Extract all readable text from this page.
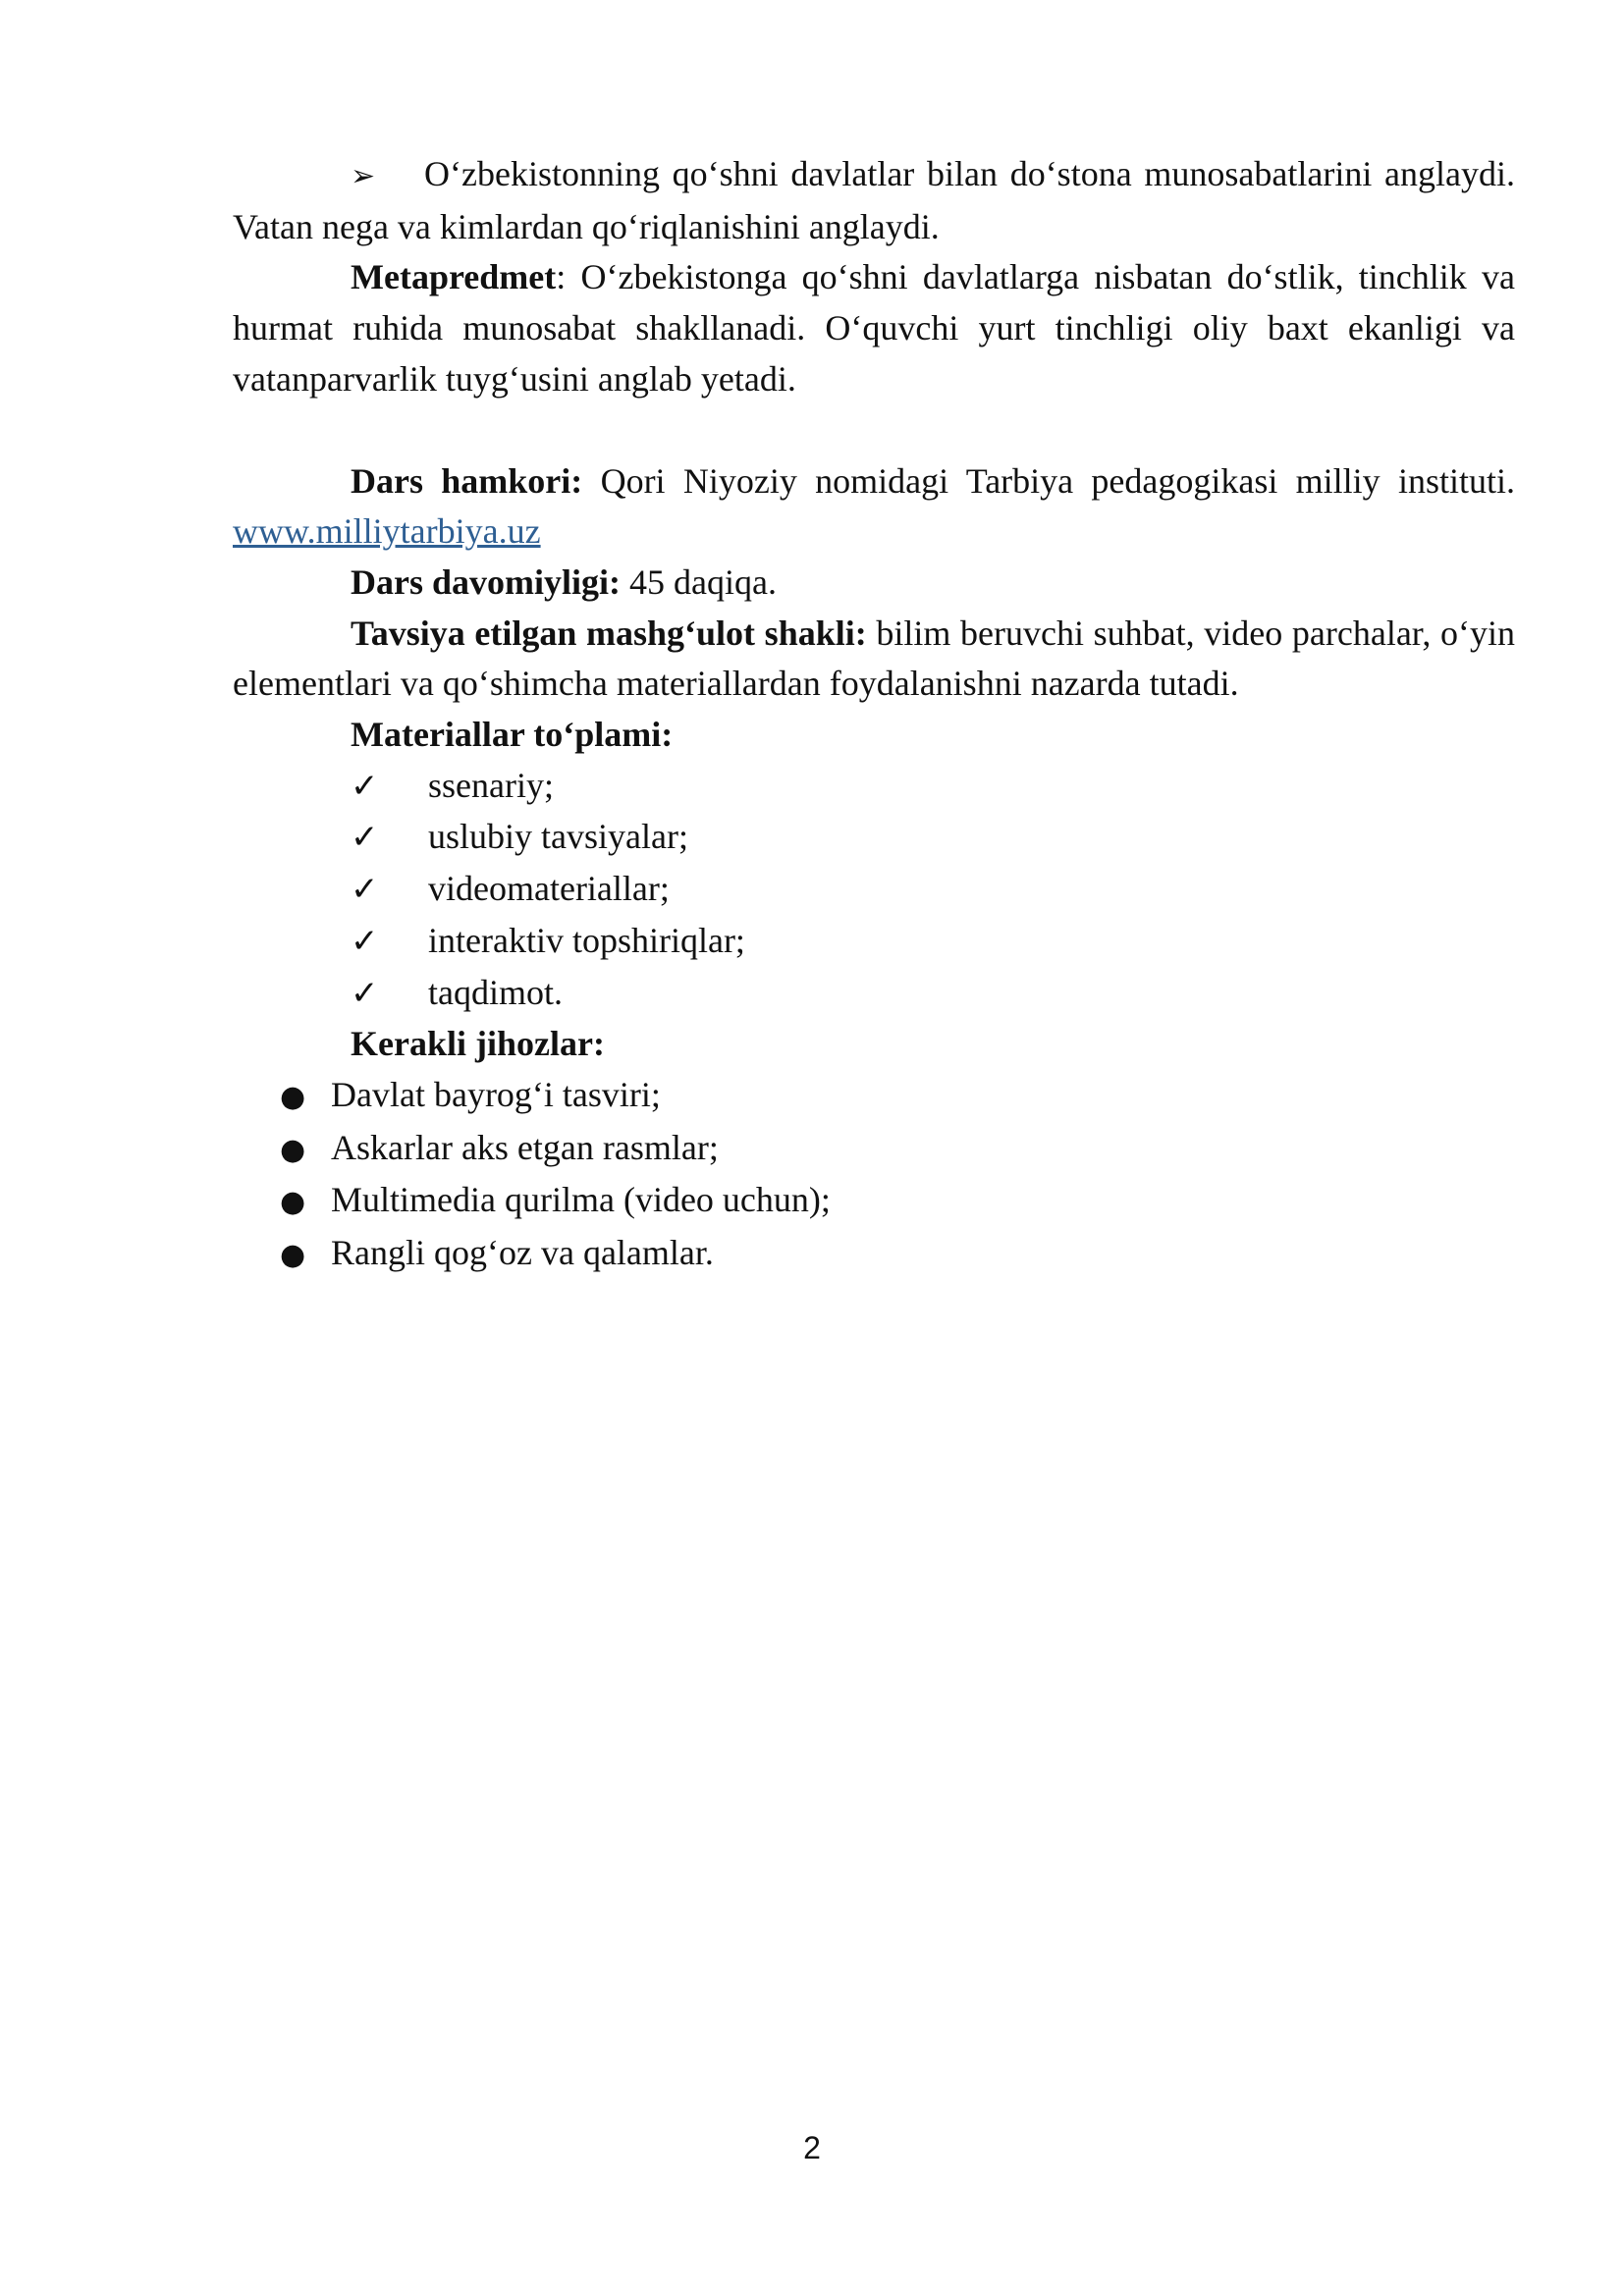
➢ O‘zbekistonning qo‘shni davlatlar bilan do‘stona munosabatlarini anglaydi. Vatan nega va kimlardan qo‘riqlanishini anglaydi.

Metapredmet: O‘zbekistonga qo‘shni davlatlarga nisbatan do‘stlik, tinchlik va hurmat ruhida munosabat shakllanadi. O‘quvchi yurt tinchligi oliy baxt ekanligi va vatanparvarlik tuyg‘usini anglab yetadi.

Dars hamkori: Qori Niyoziy nomidagi Tarbiya pedagogikasi milliy instituti. www.milliytarbiya.uz

Dars davomiyligi: 45 daqiqa.

Tavsiya etilgan mashg‘ulot shakli: bilim beruvchi suhbat, video parchalar, o‘yin elementlari va qo‘shimcha materiallardan foydalanishni nazarda tutadi.

Materiallar to‘plami:

✓	ssenariy;
✓	uslubiy tavsiyalar;
✓	videomateriallar;
✓	interaktiv topshiriqlar;
✓	taqdimot.

Kerakli jihozlar:

● Davlat bayrog‘i tasviri;
● Askarlar aks etgan rasmlar;
● Multimedia qurilma (video uchun);
● Rangli qog‘oz va qalamlar.
2
